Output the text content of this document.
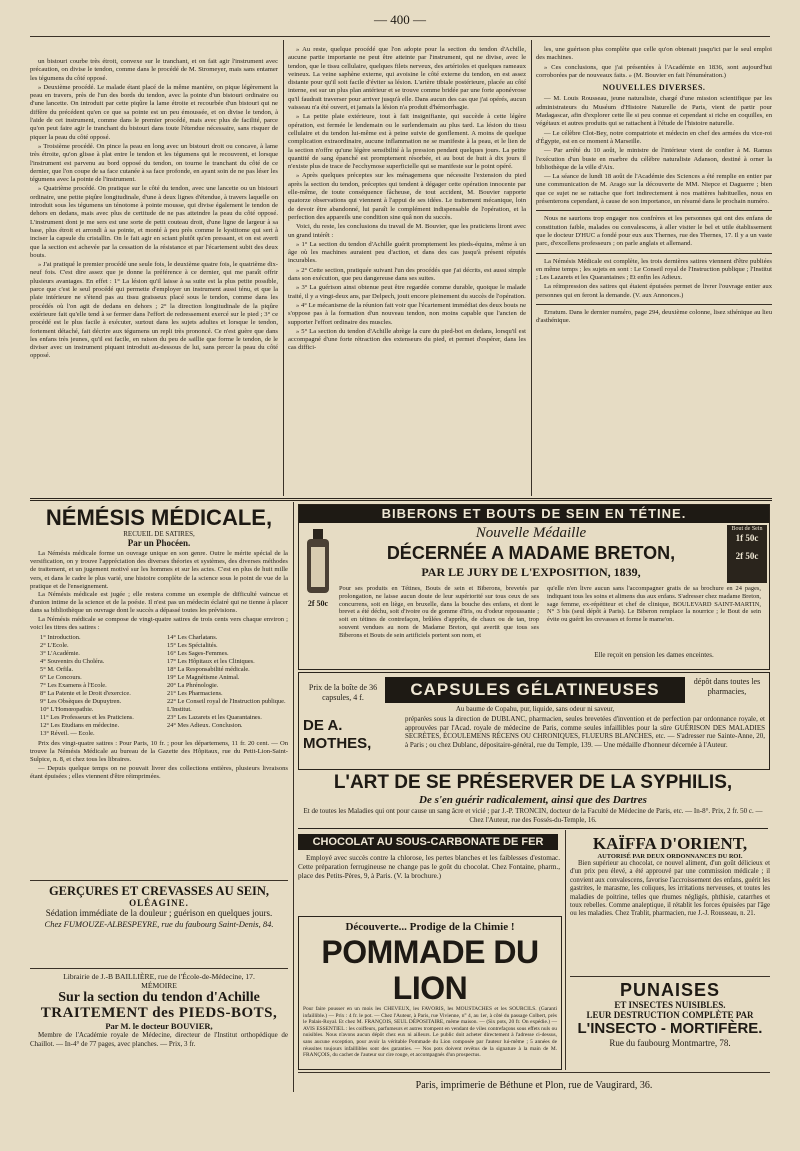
— 400 —

un bistouri courbe très étroit, convexe sur le tranchant, et on fait agir l'instrument avec précaution, on divise le tendon, comme dans le procédé de M. Stromeyer, mais sans entamer les tégumens du côté opposé.

» Deuxième procédé. Le malade étant placé de la même manière, on pique légèrement la peau en travers, près de l'un des bords du tendon, avec la pointe d'un bistouri ordinaire ou d'une lancette. On introduit par cette piqûre la lame étroite et recourbée d'un bistouri qui ne diffère du précédent qu'en ce que sa pointe est un peu émoussée, et on divise le tendon, à l'aide de cet instrument, comme dans le premier procédé, mais avec plus de facilité, parce qu'on peut faire agir le tranchant du bistouri dans toute l'étendue nécessaire, sans risquer de piquer la peau du côté opposé.

» Troisième procédé. On pince la peau en long avec un bistouri droit ou concave, à lame très étroite, qu'on glisse à plat entre le tendon et les tégumens qui le recouvrent, et lorsque l'instrument est parvenu au bord opposé du tendon, on tourne le tranchant du côté de ce dernier, que l'on coupe de sa face cutanée à sa face profonde, en ayant soin de ne pas léser les tégumens avec la pointe de l'instrument.

» Quatrième procédé. On pratique sur le côté du tendon, avec une lancette ou un bistouri ordinaire, une petite piqûre longitudinale, d'une à deux lignes d'étendue, à travers laquelle on introduit sous les tégumens un ténotome à pointe mousse, qui divise également le tendon de dehors en dedans, mais avec plus de certitude de ne pas atteindre la peau du côté opposé. L'instrument dont je me sers est une sorte de petit couteau droit, d'une ligne de largeur à sa base, plus étroit et arrondi à sa pointe, et monté à peu près comme le kystitome qui sert à inciser la capsule du cristallin. On le fait agir en sciant plutôt qu'en pressant, et on est averti que la section est achevée par la cessation de la résistance et par l'écartement subit des deux bouts.

» J'ai pratiqué le premier procédé une seule fois, le deuxième quatre fois, le quatrième dix-neuf fois. C'est dire assez que je donne la préférence à ce dernier, qui me paraît offrir plusieurs avantages. En effet : 1° La lésion qu'il laisse à sa suite est la plus petite possible, parce que c'est le seul procédé qui permette d'employer un instrument aussi ténu, et que la plaie intérieure ne s'étend pas au tissu graisseux placé sous le tendon, comme dans les procédés où l'on agit de dedans en dehors ; 2° la direction longitudinale de la piqûre extérieure fait qu'elle tend à se fermer dans l'effort de redressement exercé sur le pied ; 3° ce procédé est le plus facile à exécuter, surtout dans les sujets adultes et lorsque le tendon, fortement détaché, fait décrire aux tégumens un repli très prononcé. Ce n'est guère que dans les enfans très jeunes, qu'il est facile, en raison du peu de saillie que forme le tendon, de le diviser avec un instrument piquant introduit au-dessous de lui, sans percer la peau du côté opposé.

» Au reste, quelque procédé que l'on adopte pour la section du tendon d'Achille, aucune partie importante ne peut être atteinte par l'instrument, qui ne divise, avec le tendon, que le tissu cellulaire, quelques filets nerveux, des artérioles et quelques rameaux veineux. La veine saphène externe, qui avoisine le côté externe du tendon, en est assez distante pour qu'il soit facile d'éviter sa lésion. L'artère tibiale postérieure, placée au côté interne, est sur un plus plan antérieur et se trouve comme bridée par une forte aponévrose qu'il faudrait traverser pour arriver jusqu'à elle. Dans aucun des cas que j'ai opérés, aucun vaisseau n'a été ouvert, et jamais la lésion n'a produit d'hémorrhagie.

» La petite plaie extérieure, tout à fait insignifiante, qui succède à cette légère opération, est fermée le lendemain ou le surlendemain au plus tard. La lésion du tissu cellulaire et du tendon lui-même est à peine suivie de gonflement. A moins de quelque complication extraordinaire, aucune inflammation ne se manifeste à la peau, et le lien de la section n'offre qu'une légère sensibilité à la pression pendant quelques jours. La petite quantité de sang épanché est promptement résorbée, et au bout de huit à dix jours il n'existe plus de trace de l'ecchymose superficielle qui se manifeste sur le point opéré.

» Après quelques préceptes sur les ménagemens que nécessite l'extension du pied après la section du tendon, préceptes qui tendent à dégager cette opération innocente par elle-même, de toute conséquence fâcheuse, de tout accident, M. Bouvier rapporte quatorze observations qui viennent à l'appui de ses idées. Le traitement mécanique, loin de devoir être abandonné, lui paraît le complément indispensable de l'opération, et la perfection des appareils une condition sine quâ non du succès.

Voici, du reste, les conclusions du travail de M. Bouvier, que les praticiens liront avec un grand intérêt :

» 1° La section du tendon d'Achille guérit promptement les pieds-équins, même à un âge où les machines auraient peu d'action, et dans des cas jusqu'à présent réputés incurables.

» 2° Cette section, pratiquée suivant l'un des procédés que j'ai décrits, est aussi simple dans son exécution, que peu dangereuse dans ses suites.

» 3° La guérison ainsi obtenue peut être regardée comme durable, quoique le malade traité, il y a vingt-deux ans, par Delpech, jouit encore pleinement du succès de l'opération.

» 4° Le mécanisme de la réunion fait voir que l'écartement immédiat des deux bouts ne s'oppose pas à la formation d'un nouveau tendon, non moins capable que l'ancien de supporter l'effort ordinaire des muscles.

» 5° La section du tendon d'Achille abrège la cure du pied-bot en dedans, lorsqu'il est accompagné d'une forte rétraction des extenseurs du pied, et permet d'espérer, dans les cas diffici-

les, une guérison plus complète que celle qu'on obtenait jusqu'ici par le seul emploi des machines.

» Ces conclusions, que j'ai présentées à l'Académie en 1836, sont aujourd'hui corroborées par de nouveaux faits. » (M. Bouvier en fait l'énumération.)

NOUVELLES DIVERSES.

— M. Louis Rousseau, jeune naturaliste, chargé d'une mission scientifique par les administrateurs du Muséum d'Histoire Naturelle de Paris, vient de partir pour Madagascar, afin d'explorer cette île si peu connue et cependant si riche en coquilles, en végétaux et autres produits qui se rattachent à l'étude de l'histoire naturelle.

— Le célèbre Clot-Bey, notre compatriote et médecin en chef des armées du vice-roi d'Égypte, est en ce moment à Marseille.

— Par arrêté du 10 août, le ministre de l'intérieur vient de confier à M. Ramus l'exécution d'un buste en marbre du célèbre naturaliste Adanson, destiné à orner la bibliothèque de la ville d'Aix.

— La séance de lundi 18 août de l'Académie des Sciences a été remplie en entier par une communication de M. Arago sur la découverte de MM. Niepce et Daguerre ; bien que ce sujet ne se rattache que fort indirectement à nos matières habituelles, nous en présenterons cependant, à cause de son importance, un résumé dans le prochain numéro.

Nous ne saurions trop engager nos confrères et les personnes qui ont des enfans de constitution faible, malades ou convalescens, à aller visiter le bel et utile établissement que le docteur D'HUC a fondé pour eux aux Thernes, rue des Thernes, 17. Il y a un vaste parc, d'excellens professeurs ; on parle anglais et allemand.

La Némésis Médicale est complète, les trois dernières satires viennent d'être publiées en même temps ; les sujets en sont : Le Conseil royal de l'Instruction publique ; l'Institut ; Les Lazarets et les Quarantaines ; Et enfin les Adieux.

La réimpression des satires qui étaient épuisées permet de livrer l'ouvrage entier aux personnes qui en feront la demande. (V. aux Annonces.)

Erratum. Dans le dernier numéro, page 294, deuxième colonne, lisez sthénique au lieu d'asthénique.

NÉMÉSIS MÉDICALE,
RECUEIL DE SATIRES,
Par un Phocéen.

La Némésis médicale forme un ouvrage unique en son genre. Outre le mérite spécial de la versification, on y trouve l'appréciation des diverses théories et systèmes, des diverses méthodes de traitement, et un jugement motivé sur les hommes et sur les actes. C'est en plus de huit mille vers, et dans le cadre le plus varié, une histoire complète de la science sous le point de vue de la pratique et de l'enseignement.

La Némésis médicale est jugée ; elle restera comme un exemple de difficulté vaincue et d'union intime de la science et de la poésie. Il n'est pas un médecin éclairé qui ne tienne à placer dans sa bibliothèque un ouvrage dont le succès a dépassé toutes les prévisions.

La Némésis médicale se compose de vingt-quatre satires de trois cents vers chaque environ ; voici les titres des satires :

1° Introduction.
2° L'Ecole.
3° L'Académie.
4° Souvenirs du Choléra.
5° M. Orfila.
6° Le Concours.
7° Les Examens à l'Ecole.
8° La Patente et le Droit d'exercice.
9° Les Obsèques de Dupuytren.
10° L'Homœopathie.
11° Les Professeurs et les Praticiens.
12° Les Etudians en médecine.
13° Réveil. — Ecole.
14° Les Charlatans.
15° Les Spécialités.
16° Les Sages-Femmes.
17° Les Hôpitaux et les Cliniques.
18° La Responsabilité médicale.
19° Le Magnétisme Animal.
20° La Phrénologie.
21° Les Pharmaciens.
22° Le Conseil royal de l'Instruction publique. L'Institut.
23° Les Lazarets et les Quarantaines.
24° Mes Adieux. Conclusion.

Prix des vingt-quatre satires : Pour Paris, 10 fr. ; pour les départemens, 11 fr. 20 cent. — On trouve la Némésis Médicale au bureau de la Gazette des Hôpitaux, rue du Petit-Lion-Saint-Sulpice, n. 8, et chez tous les libraires.

— Depuis quelque temps on ne pouvait livrer des collections entières, plusieurs livraisons étant épuisées ; elles viennent d'être réimprimées.

GERÇURES ET CREVASSES AU SEIN,
OLÉAGINE.
Sédation immédiate de la douleur ; guérison en quelques jours.
Chez FUMOUZE-ALBESPEYRE, rue du faubourg Saint-Denis, 84.
Librairie de J.-B BAILLIÈRE, rue de l'École-de-Médecine, 17.
MÉMOIRE
Sur la section du tendon d'Achille
TRAITEMENT des PIEDS-BOTS,
Par M. le docteur BOUVIER,
Membre de l'Académie royale de Médecine, directeur de l'Institut orthopédique de Chaillot. — In-4° de 77 pages, avec planches. — Prix, 3 fr.
BIBERONS ET BOUTS DE SEIN EN TÉTINE.
2f 50c
Bout de Sein
1f 50c
2f 50c
Nouvelle Médaille
DÉCERNÉE A MADAME BRETON,
PAR LE JURY DE L'EXPOSITION, 1839,
Pour ses produits en Tétines, Bouts de sein et Biberons, brevetés par prolongation, ne laisse aucun doute de leur supériorité sur tous ceux de ses concurrens, soit en liège, en bruxelle, dans la bouche des enfans, et dont le brevet a été déchu, soit d'ivoire ou de gomme d'Iris, ou d'odeur repoussante ; soit en tétines de contrefaçon, brûlées d'apprêts, de chaux ou de tan, trop souvent vendues au nom de Madame Breton, qui avertit que tous ses Biberons et Bouts de sein artificiels portent son nom, et
qu'elle n'en livre aucun sans l'accompagner gratis de sa brochure en 24 pages, indiquant tous les soins et alimens dus aux enfans. S'adresser chez madame Breton, sage femme, ex-répétiteur et chef de clinique, BOULEVARD SAINT-MARTIN, N° 3 bis (seul dépôt à Paris). Le Biberon remplace la nourrice ; le Bout de sein évite ou guérit les crevasses et forme le mame'on.
Elle reçoit en pension les dames enceintes.
Prix de la boîte de 36 capsules, 4 f.	CAPSULES GÉLATINEUSES	dépôt dans toutes les pharmacies,
Au baume de Copahu, pur, liquide, sans odeur ni saveur,
DE A. MOTHES,
préparées sous la direction de DUBLANC, pharmacien, seules brevetées d'invention et de perfection par ordonnance royale, et approuvées par l'Acad. royale de médecine de Paris, comme seules infaillibles pour la sûre GUÉRISON DES MALADIES SECRÈTES, ÉCOULEMENS RÉCENS OU CHRONIQUES, FLUEURS BLANCHES, etc. — S'adresser rue Sainte-Anne, 20, à Paris ; ou chez Dublanc, dépositaire-général, rue du Temple, 139. — Une médaille d'honneur décernée à l'Auteur.
L'ART DE SE PRÉSERVER DE LA SYPHILIS,
De s'en guérir radicalement, ainsi que des Dartres
Et de toutes les Maladies qui ont pour cause un sang âcre et vicié ; par J.-P. TRONCIN, docteur de la Faculté de Médecine de Paris, etc. — In-8°. Prix, 2 fr. 50 c. — Chez l'Auteur, rue des Fossés-du-Temple, 16.
CHOCOLAT AU SOUS-CARBONATE DE FER
Employé avec succès contre la chlorose, les pertes blanches et les faiblesses d'estomac. Cette préparation ferrugineuse ne change pas le goût du chocolat. Chez Fontaine, pharm., place des Petits-Pères, 9, à Paris. (V. la brochure.)
Découverte... Prodige de la Chimie !
POMMADE DU LION
Pour faire pousser en un mois les CHEVEUX, les FAVORIS, les MOUSTACHES et les SOURCILS. (Garanti infaillible.) — Prix : 4 fr. le pot. — Chez l'Auteur, à Paris, rue Vivienne, n° 4, au 1er, à côté du passage Colbert, près le Palais-Royal. Et chez M. FRANÇOIS, SEUL DÉPOSITAIRE, même maison. — (Six pots, 20 fr. On expédie.) — AVIS ESSENTIEL : les coiffeurs, parfumeurs et autres trompent en vendant de viles contrefaçons sous effets nuls ou nuisibles. Nous n'avons aucun dépôt chez eux ni ailleurs. Le public doit acheter directement à l'adresse ci-dessus, sans aucune exception, pour avoir la véritable Pommade du Lion composée par l'auteur lui-même ; 5 années de réussites toujours infaillibles sont des garanties. — Nos pots doivent revêtus de la signature à la main de M. FRANÇOIS, du cachet de l'auteur sur cire rouge, et accompagnés d'un prospectus.
KAÏFFA D'ORIENT,
AUTORISÉ PAR DEUX ORDONNANCES DU ROI.
Bien supérieur au chocolat, ce nouvel aliment, d'un goût délicieux et d'un prix peu élevé, a été approuvé par une commission médicale ; il convient aux convalescens, favorise l'accroissement des enfans, guérit les gastrites, le marasme, les coliques, les irritations nerveuses, et toutes les maladies de poitrine, telles que rhumes négligés, phthisie, catarrhes et toux rebelles. Comme analeptique, il rétablit les forces épuisées par l'âge ou les maladies. Chez Trablit, pharmacien, rue J.-J. Rousseau, n. 21.
PUNAISES
ET INSECTES NUISIBLES.
LEUR DESTRUCTION COMPLÈTE PAR
L'INSECTO - MORTIFÈRE.
Rue du faubourg Montmartre, 78.
Paris, imprimerie de Béthune et Plon, rue de Vaugirard, 36.
